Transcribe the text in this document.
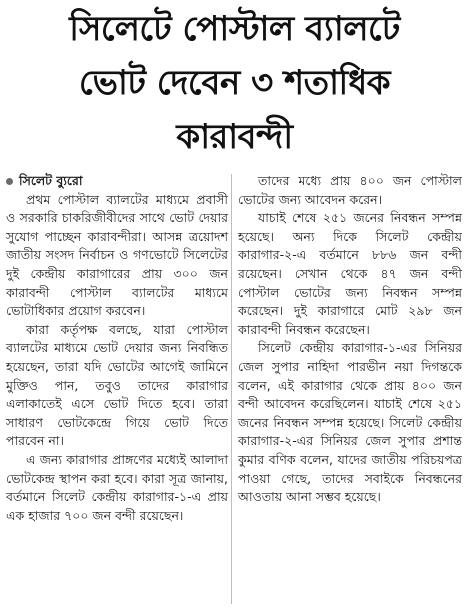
সিলেটে পোস্টাল ব্যালটে
ভোট দেবেন ৩ শতাধিক
কারাবন্দী
সিলেট ব্যুরো

প্রথম পোস্টাল ব্যালটের মাধ্যমে প্রবাসী ও সরকারি চাকরিজীবীদের সাথে ভোট দেয়ার সুযোগ পাচ্ছেন কারাবন্দীরা। আসন্ন ত্রয়োদশ জাতীয় সংসদ নির্বাচন ও গণভোটে সিলেটের দুই কেন্দ্রীয় কারাগারের প্রায় ৩০০ জন কারাবন্দী পোস্টাল ব্যালটের মাধ্যমে ভোটাধিকার প্রয়োগ করবেন।

কারা কর্তৃপক্ষ বলছে, যারা পোস্টাল ব্যালটের মাধ্যমে ভোট দেয়ার জন্য নিবন্ধিত হয়েছেন, তারা যদি ভোটের আগেই জামিনে মুক্তিও পান, তবুও তাদের কারাগার এলাকাতেই এসে ভোট দিতে হবে। তারা সাধারণ ভোটকেন্দ্রে গিয়ে ভোট দিতে পারবেন না।

এ জন্য কারাগার প্রাঙ্গণের মধ্যেই আলাদা ভোটকেন্দ্র স্থাপন করা হবে। কারা সূত্র জানায়, বর্তমানে সিলেট কেন্দ্রীয় কারাগার-১-এ প্রায় এক হাজার ৭০০ জন বন্দী রয়েছেন।

তাদের মধ্যে প্রায় ৪০০ জন পোস্টাল ভোটের জন্য আবেদন করেন।

যাচাই শেষে ২৫১ জনের নিবন্ধন সম্পন্ন হয়েছে। অন্য দিকে সিলেট কেন্দ্রীয় কারাগার-২-এ বর্তমানে ৮৮৬ জন বন্দী রয়েছেন। সেখান থেকে ৪৭ জন বন্দী পোস্টাল ভোটের জন্য নিবন্ধন সম্পন্ন করেছেন। দুই কারাগারে মোট ২৯৮ জন কারাবন্দী নিবন্ধন করেছেন।

সিলেট কেন্দ্রীয় কারাগার-১-এর সিনিয়র জেল সুপার নাহিদা পারভীন নয়া দিগন্তকে বলেন, এই কারাগার থেকে প্রায় ৪০০ জন বন্দী আবেদন করেছিলেন। যাচাই শেষে ২৫১ জনের নিবন্ধন সম্পন্ন হয়েছে। সিলেট কেন্দ্রীয় কারাগার-২-এর সিনিয়র জেল সুপার প্রশান্ত কুমার বণিক বলেন, যাদের জাতীয় পরিচয়পত্র পাওয়া গেছে, তাদের সবাইকে নিবন্ধনের আওতায় আনা সম্ভব হয়েছে।
